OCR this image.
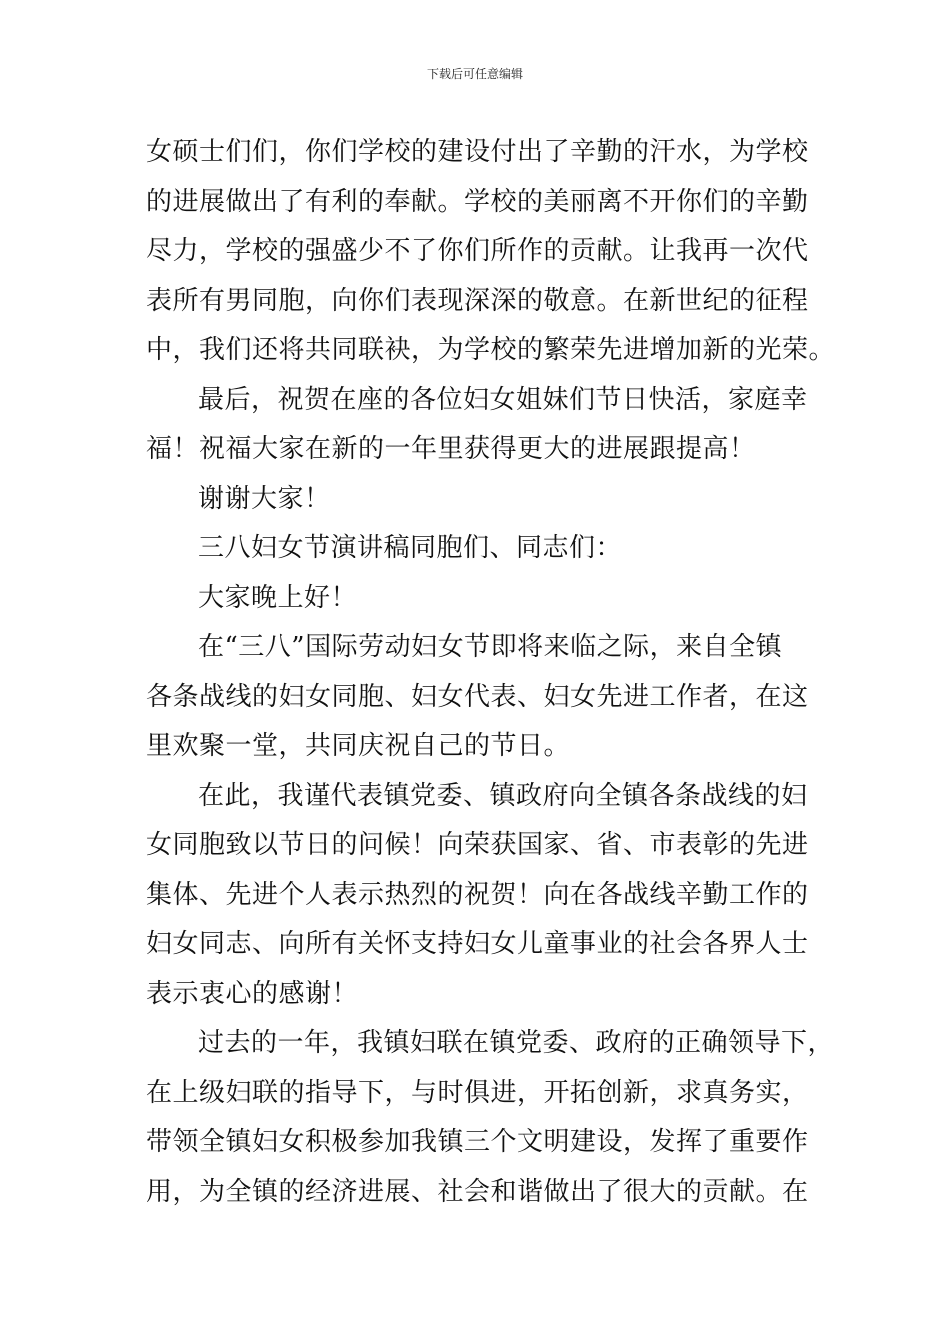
下载后可任意编辑
女硕士们们，你们学校的建设付出了辛勤的汗水，为学校
的进展做出了有利的奉献。学校的美丽离不开你们的辛勤
尽力，学校的强盛少不了你们所作的贡献。让我再一次代
表所有男同胞，向你们表现深深的敬意。在新世纪的征程
中，我们还将共同联袂，为学校的繁荣先进增加新的光荣。
最后，祝贺在座的各位妇女姐妹们节日快活，家庭幸
福！祝福大家在新的一年里获得更大的进展跟提高！
谢谢大家！
三八妇女节演讲稿同胞们、同志们：
大家晚上好！
在“三八”国际劳动妇女节即将来临之际，来自全镇
各条战线的妇女同胞、妇女代表、妇女先进工作者，在这
里欢聚一堂，共同庆祝自己的节日。
在此，我谨代表镇党委、镇政府向全镇各条战线的妇
女同胞致以节日的问候！向荣获国家、省、市表彰的先进
集体、先进个人表示热烈的祝贺！向在各战线辛勤工作的
妇女同志、向所有关怀支持妇女儿童事业的社会各界人士
表示衷心的感谢！
过去的一年，我镇妇联在镇党委、政府的正确领导下，
在上级妇联的指导下，与时俱进，开拓创新，求真务实，
带领全镇妇女积极参加我镇三个文明建设，发挥了重要作
用，为全镇的经济进展、社会和谐做出了很大的贡献。在
